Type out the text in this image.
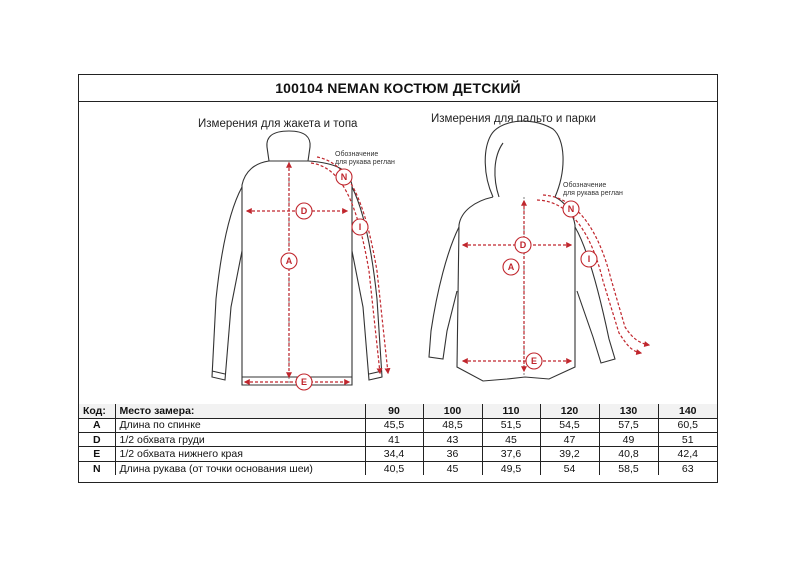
100104 NEMAN КОСТЮМ ДЕТСКИЙ
Измерения для жакета и топа	Измерения для пальто и парки
Обозначение
для рукава реглан
Обозначение
для рукава реглан
A
D
E
N
I
A
D
E
N
I
Код:	Место замера:	90	100	110	120	130	140
A	Длина по спинке	45,5	48,5	51,5	54,5	57,5	60,5
D	1/2 обхвата груди	41	43	45	47	49	51
E	1/2 обхвата нижнего края	34,4	36	37,6	39,2	40,8	42,4
N	Длина рукава (от точки основания шеи)	40,5	45	49,5	54	58,5	63
